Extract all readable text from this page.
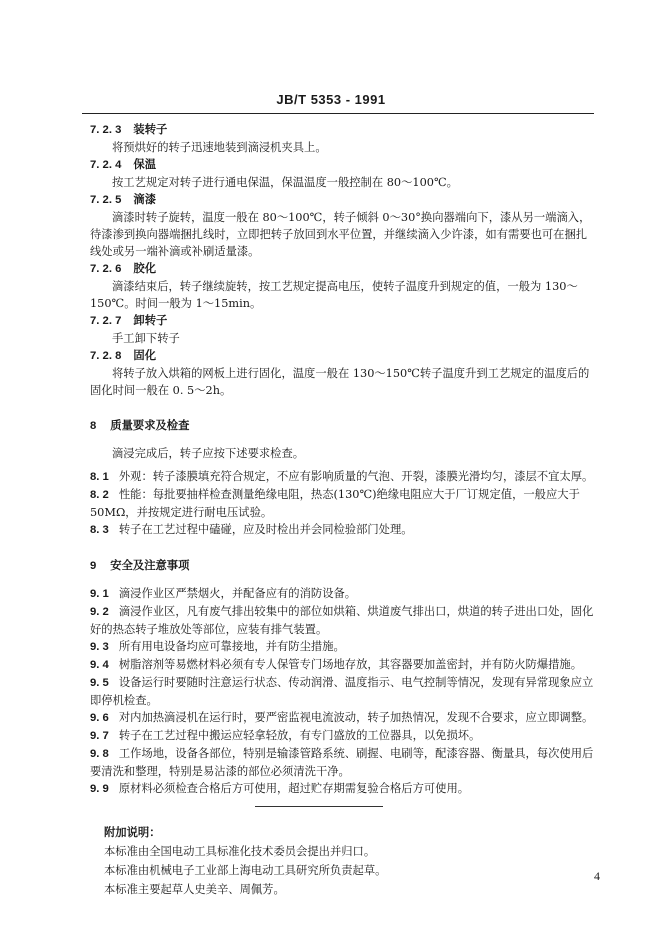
JB/T 5353 - 1991

7. 2. 3 装转子

将预烘好的转子迅速地装到滴浸机夹具上。

7. 2. 4 保温

按工艺规定对转子进行通电保温，保温温度一般控制在 80～100℃。

7. 2. 5 滴漆

滴漆时转子旋转，温度一般在 80～100℃，转子倾斜 0～30°换向器端向下，漆从另一端滴入，待漆渗到换向器端捆扎线时，立即把转子放回到水平位置，并继续滴入少许漆，如有需要也可在捆扎线处或另一端补滴或补刷适量漆。

7. 2. 6 胶化

滴漆结束后，转子继续旋转，按工艺规定提高电压，使转子温度升到规定的值，一般为 130～150℃。时间一般为 1～15min。

7. 2. 7 卸转子

手工卸下转子

7. 2. 8 固化

将转子放入烘箱的网板上进行固化，温度一般在 130～150℃转子温度升到工艺规定的温度后的固化时间一般在 0. 5～2h。

8 质量要求及检查

滴浸完成后，转子应按下述要求检查。

8. 1 外观：转子漆膜填充符合规定，不应有影响质量的气泡、开裂，漆膜光滑均匀，漆层不宜太厚。

8. 2 性能：每批要抽样检查测量绝缘电阻，热态(130℃)绝缘电阻应大于厂订规定值，一般应大于 50MΩ，并按规定进行耐电压试验。

8. 3 转子在工艺过程中磕碰，应及时检出并会同检验部门处理。

9 安全及注意事项

9. 1 滴浸作业区严禁烟火，并配备应有的消防设备。

9. 2 滴浸作业区，凡有废气排出较集中的部位如烘箱、烘道废气排出口，烘道的转子进出口处，固化好的热态转子堆放处等部位，应装有排气装置。

9. 3 所有用电设备均应可靠接地，并有防尘措施。

9. 4 树脂溶剂等易燃材料必须有专人保管专门场地存放，其容器要加盖密封，并有防火防爆措施。

9. 5 设备运行时要随时注意运行状态、传动润滑、温度指示、电气控制等情况，发现有异常现象应立即停机检查。

9. 6 对内加热滴浸机在运行时，要严密监视电流波动，转子加热情况，发现不合要求，应立即调整。

9. 7 转子在工艺过程中搬运应轻拿轻放，有专门盛放的工位器具，以免损坏。

9. 8 工作场地，设备各部位，特别是输漆管路系统、刷握、电刷等，配漆容器、衡量具，每次使用后要清洗和整理，特别是易沾漆的部位必须清洗干净。

9. 9 原材料必须检查合格后方可使用，超过贮存期需复验合格后方可使用。

附加说明：

本标准由全国电动工具标准化技术委员会提出并归口。

本标准由机械电子工业部上海电动工具研究所负责起草。

本标准主要起草人史美辛、周佩芳。

4
